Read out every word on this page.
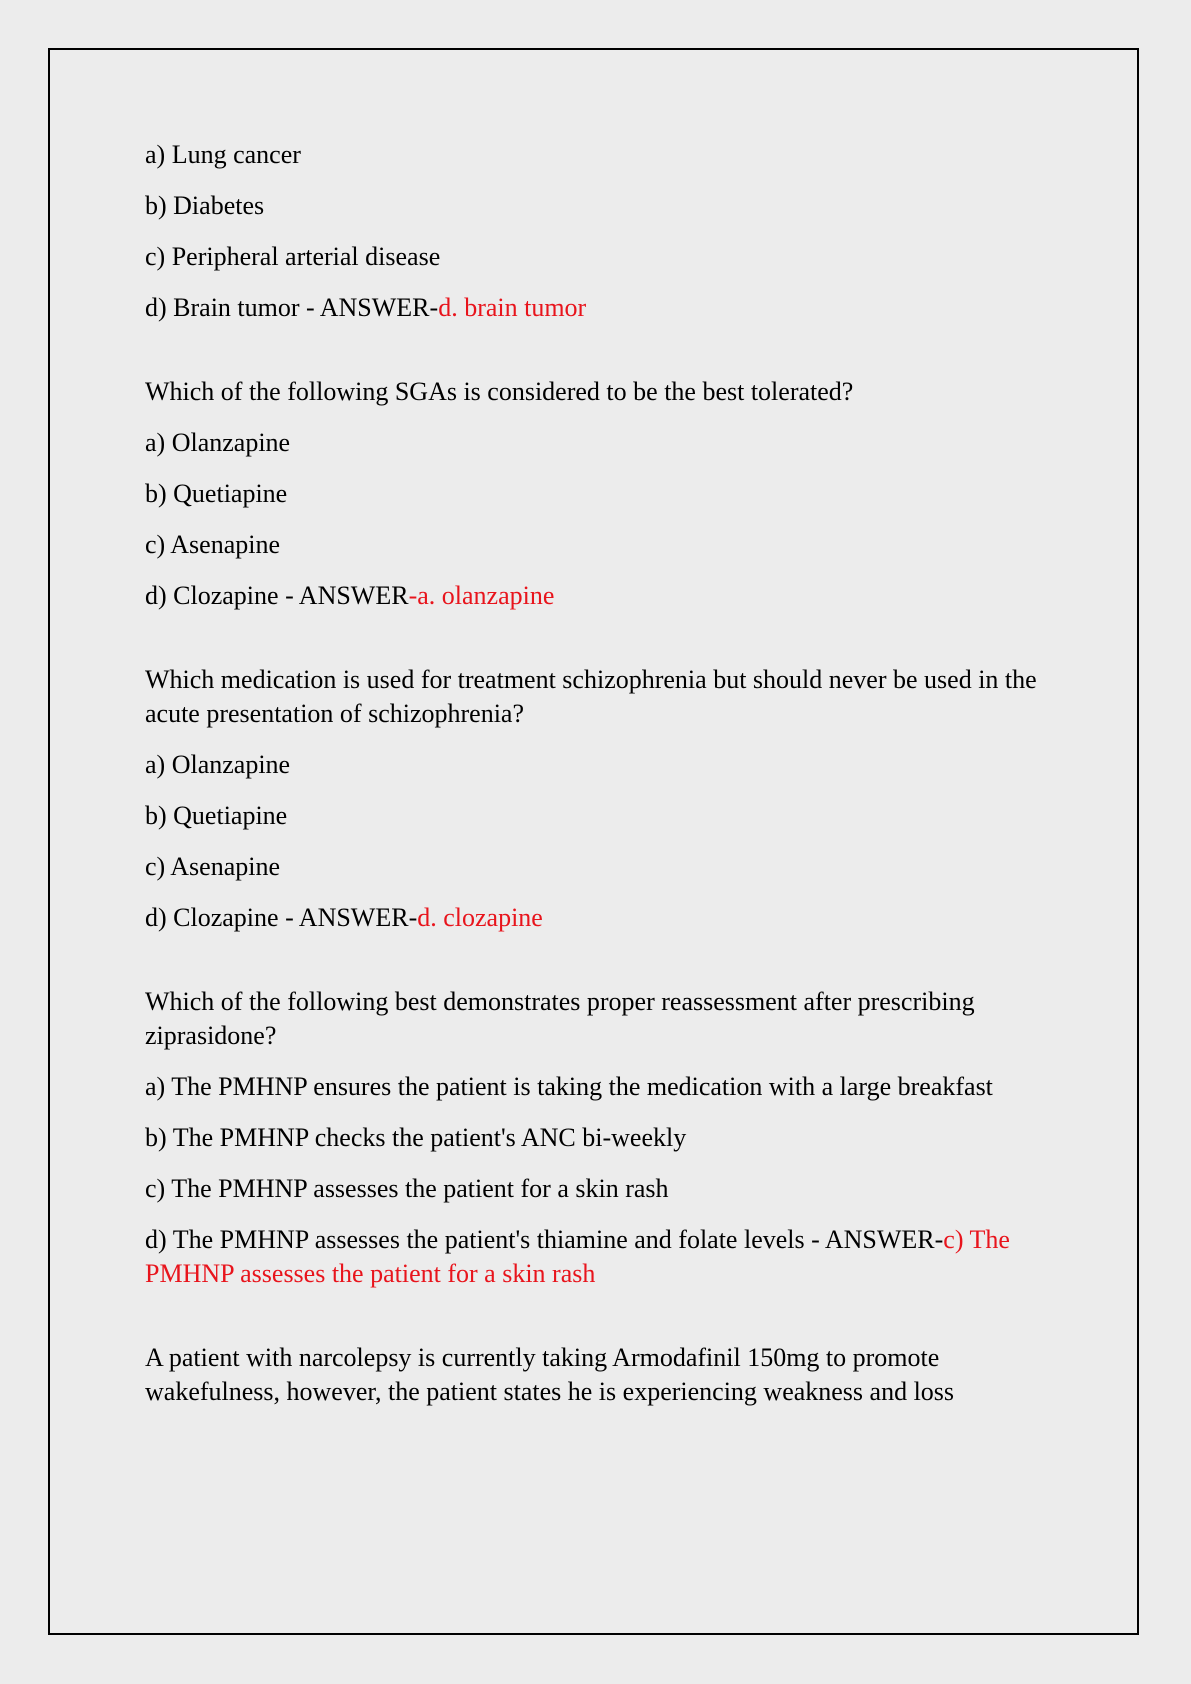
a) Lung cancer

b) Diabetes

c) Peripheral arterial disease

d) Brain tumor - ANSWER-d. brain tumor

Which of the following SGAs is considered to be the best tolerated?

a) Olanzapine

b) Quetiapine

c) Asenapine

d) Clozapine - ANSWER-a. olanzapine

Which medication is used for treatment schizophrenia but should never be used in the acute presentation of schizophrenia?

a) Olanzapine

b) Quetiapine

c) Asenapine

d) Clozapine - ANSWER-d. clozapine

Which of the following best demonstrates proper reassessment after prescribing ziprasidone?

a) The PMHNP ensures the patient is taking the medication with a large breakfast

b) The PMHNP checks the patient's ANC bi-weekly

c) The PMHNP assesses the patient for a skin rash

d) The PMHNP assesses the patient's thiamine and folate levels - ANSWER-c) The PMHNP assesses the patient for a skin rash

A patient with narcolepsy is currently taking Armodafinil 150mg to promote wakefulness, however, the patient states he is experiencing weakness and loss
